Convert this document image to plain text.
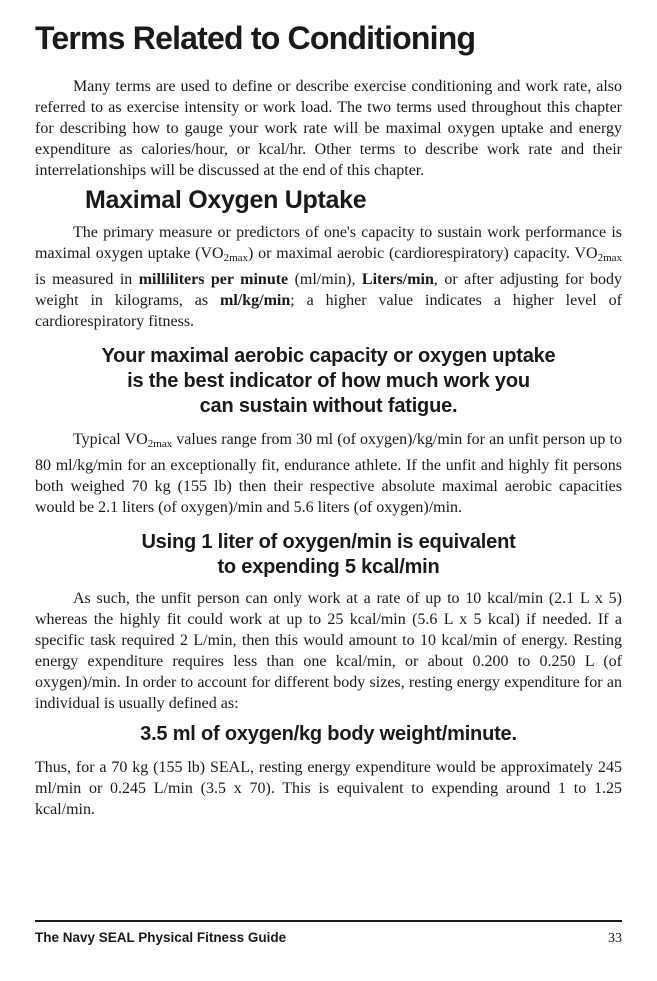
Terms Related to Conditioning

Many terms are used to define or describe exercise conditioning and work rate, also referred to as exercise intensity or work load. The two terms used throughout this chapter for describing how to gauge your work rate will be maximal oxygen uptake and energy expenditure as calories/hour, or kcal/hr. Other terms to describe work rate and their interrelationships will be discussed at the end of this chapter.

Maximal Oxygen Uptake

The primary measure or predictors of one's capacity to sustain work performance is maximal oxygen uptake $(VO_{2max})$ or maximal aerobic (cardiorespiratory) capacity. $VO_{2max}$ is measured in milliliters per minute (ml/min), Liters/min, or after adjusting for body weight in kilograms, as ml/kg/min; a higher value indicates a higher level of cardiorespiratory fitness.

Your maximal aerobic capacity or oxygen uptake
is the best indicator of how much work you
can sustain without fatigue.

Typical $VO_{2max}$ values range from 30 ml (of oxygen)/kg/min for an unfit person up to 80 ml/kg/min for an exceptionally fit, endurance athlete. If the unfit and highly fit persons both weighed 70 kg (155 lb) then their respective absolute maximal aerobic capacities would be 2.1 liters (of oxygen)/min and 5.6 liters (of oxygen)/min.

Using 1 liter of oxygen/min is equivalent
to expending 5 kcal/min

As such, the unfit person can only work at a rate of up to 10 kcal/min (2.1 L x 5) whereas the highly fit could work at up to 25 kcal/min (5.6 L x 5 kcal) if needed. If a specific task required 2 L/min, then this would amount to 10 kcal/min of energy. Resting energy expenditure requires less than one kcal/min, or about 0.200 to 0.250 L (of oxygen)/min. In order to account for different body sizes, resting energy expenditure for an individual is usually defined as:

3.5 ml of oxygen/kg body weight/minute.

Thus, for a 70 kg (155 lb) SEAL, resting energy expenditure would be approximately 245 ml/min or 0.245 L/min (3.5 x 70). This is equivalent to expending around 1 to 1.25 kcal/min.

The Navy SEAL Physical Fitness Guide	33
